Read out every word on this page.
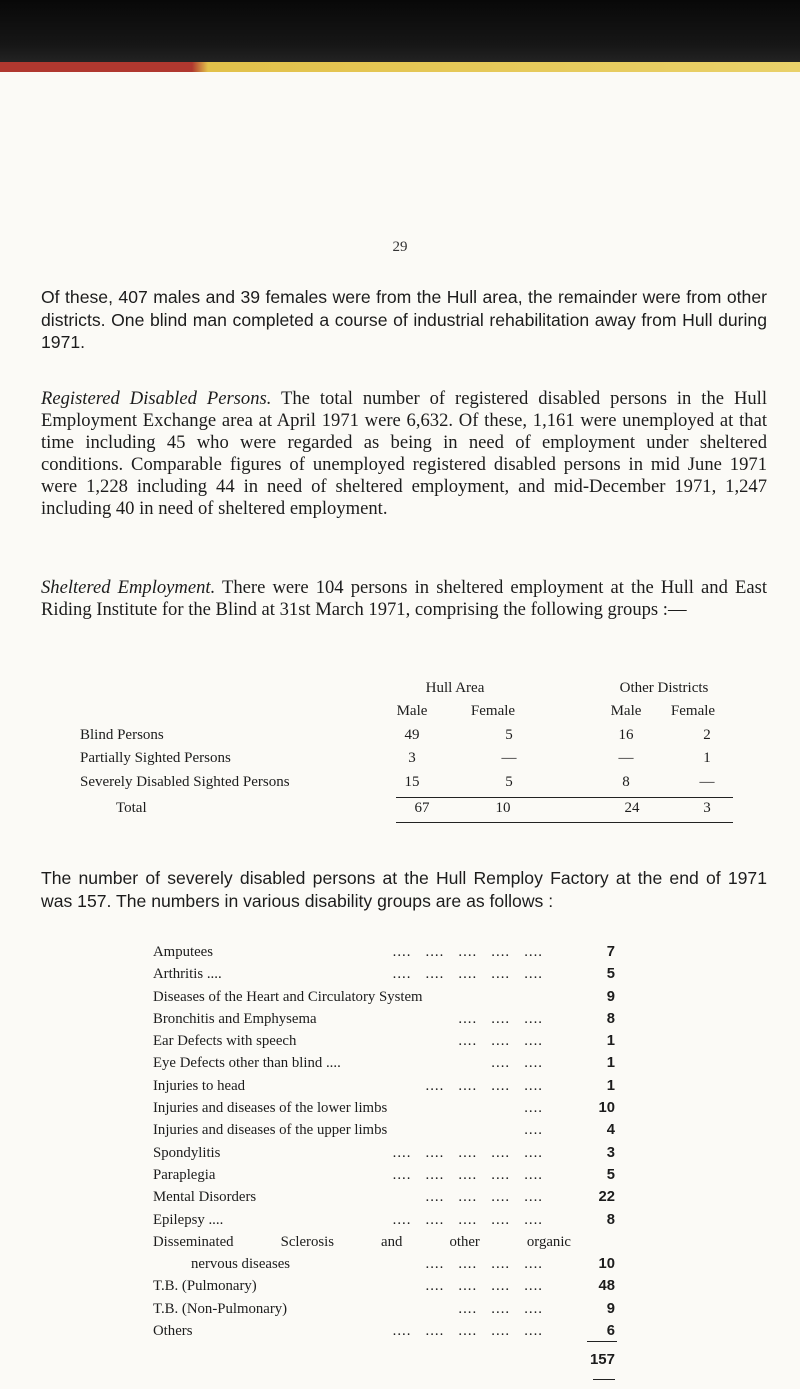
29

Of these, 407 males and 39 females were from the Hull area, the remainder were from other districts. One blind man completed a course of industrial rehabilitation away from Hull during 1971.

Registered Disabled Persons. The total number of registered disabled persons in the Hull Employment Exchange area at April 1971 were 6,632. Of these, 1,161 were unemployed at that time including 45 who were regarded as being in need of employment under sheltered conditions. Comparable figures of unemployed registered disabled persons in mid June 1971 were 1,228 including 44 in need of sheltered employment, and mid-December 1971, 1,247 including 40 in need of sheltered employment.

Sheltered Employment. There were 104 persons in sheltered employment at the Hull and East Riding Institute for the Blind at 31st March 1971, comprising the following groups :—

Hull Area	Other Districts
Male	Female	Male Female
Blind Persons	49	5	16	2
Partially Sighted Persons	3	—	—	1
Severely Disabled Sighted Persons	15	5	8	—
Total	67	10	24	3

The number of severely disabled persons at the Hull Remploy Factory at the end of 1971 was 157. The numbers in various disability groups are as follows :

Amputees	....   ....   ....   ....   ....	7
Arthritis ....	....   ....   ....   ....   ....	5
Diseases of the Heart and Circulatory System	9
Bronchitis and Emphysema	....   ....   ....	8
Ear Defects with speech	....   ....   ....	1
Eye Defects other than blind ....	....   ....	1
Injuries to head	....   ....   ....   ....	1
Injuries and diseases of the lower limbs	....	10
Injuries and diseases of the upper limbs	....	4
Spondylitis	....   ....   ....   ....   ....	3
Paraplegia	....   ....   ....   ....   ....	5
Mental Disorders	....   ....   ....   ....	22
Epilepsy ....	....   ....   ....   ....   ....	8
Disseminated Sclerosis and other organic
nervous diseases	....   ....   ....   ....	10
T.B. (Pulmonary)	....   ....   ....   ....	48
T.B. (Non-Pulmonary)	....   ....   ....	9
Others	....   ....   ....   ....   ....	6
157
